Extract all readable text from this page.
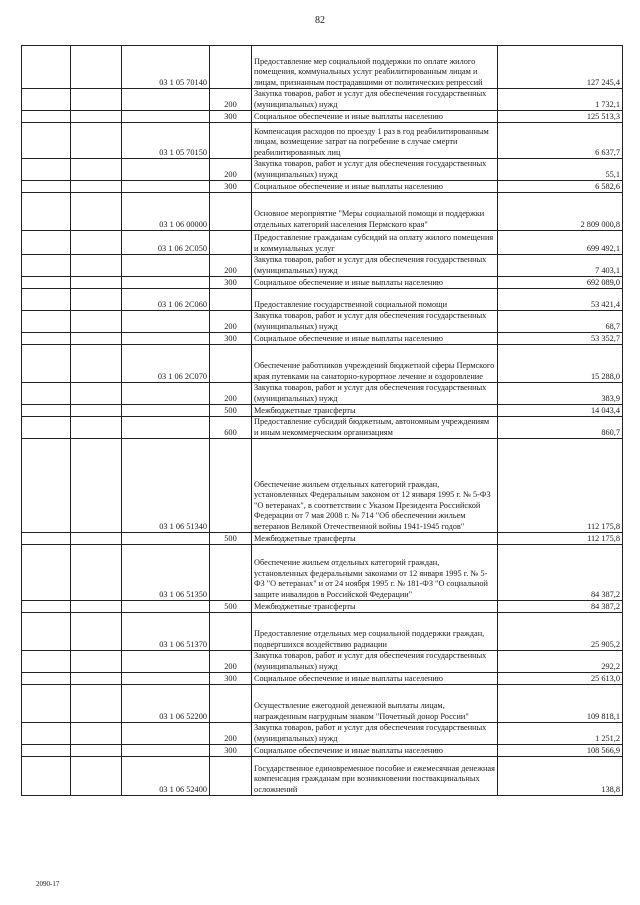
82
		03 1 05 70140		Предоставление мер социальной поддержки по оплате жилого помещения, коммунальных услуг реабилитированным лицам и лицам, признанным пострадавшими от политических репрессий	127 245,4
			200	Закупка товаров, работ и услуг для обеспечения государственных (муниципальных) нужд	1 732,1
			300	Социальное обеспечение и иные выплаты населению	125 513,3
		03 1 05 70150		Компенсация расходов по проезду 1 раз в год реабилитированным лицам, возмещение затрат на погребение в случае смерти реабилитированных лиц	6 637,7
			200	Закупка товаров, работ и услуг для обеспечения государственных (муниципальных) нужд	55,1
			300	Социальное обеспечение и иные выплаты населению	6 582,6
		03 1 06 00000		Основное мероприятие "Меры социальной помощи и поддержки отдельных категорий населения Пермского края"	2 809 000,8
		03 1 06 2С050		Предоставление гражданам субсидий на оплату жилого помещения и коммунальных услуг	699 492,1
			200	Закупка товаров, работ и услуг для обеспечения государственных (муниципальных) нужд	7 403,1
			300	Социальное обеспечение и иные выплаты населению	692 089,0
		03 1 06 2С060		Предоставление государственной социальной помощи	53 421,4
			200	Закупка товаров, работ и услуг для обеспечения государственных (муниципальных) нужд	68,7
			300	Социальное обеспечение и иные выплаты населению	53 352,7
		03 1 06 2С070		Обеспечение работников учреждений бюджетной сферы Пермского края путевками на санаторно-курортное лечение и оздоровление	15 288,0
			200	Закупка товаров, работ и услуг для обеспечения государственных (муниципальных) нужд	383,9
			500	Межбюджетные трансферты	14 043,4
			600	Предоставление субсидий бюджетным, автономным учреждениям и иным некоммерческим организациям	860,7
		03 1 06 51340		Обеспечение жильем отдельных категорий граждан, установленных Федеральным законом от 12 января 1995 г. № 5-ФЗ "О ветеранах", в соответствии с Указом Президента Российской Федерации от 7 мая 2008 г. № 714 "Об обеспечении жильем ветеранов Великой Отечественной войны 1941-1945 годов"	112 175,8
			500	Межбюджетные трансферты	112 175,8
		03 1 06 51350		Обеспечение жильем отдельных категорий граждан, установленных федеральными законами от 12 января 1995 г. № 5-ФЗ "О ветеранах" и от 24 ноября 1995 г. № 181-ФЗ "О социальной защите инвалидов в Российской Федерации"	84 387,2
			500	Межбюджетные трансферты	84 387,2
		03 1 06 51370		Предоставление отдельных мер социальной поддержки граждан, подвергшихся воздействию радиации	25 905,2
			200	Закупка товаров, работ и услуг для обеспечения государственных (муниципальных) нужд	292,2
			300	Социальное обеспечение и иные выплаты населению	25 613,0
		03 1 06 52200		Осуществление ежегодной денежной выплаты лицам, награжденным нагрудным знаком "Почетный донор России"	109 818,1
			200	Закупка товаров, работ и услуг для обеспечения государственных (муниципальных) нужд	1 251,2
			300	Социальное обеспечение и иные выплаты населению	108 566,9
		03 1 06 52400		Государственное единовременное пособие и ежемесячная денежная компенсация гражданам при возникновении поствакцинальных осложнений	138,8
2090-17
